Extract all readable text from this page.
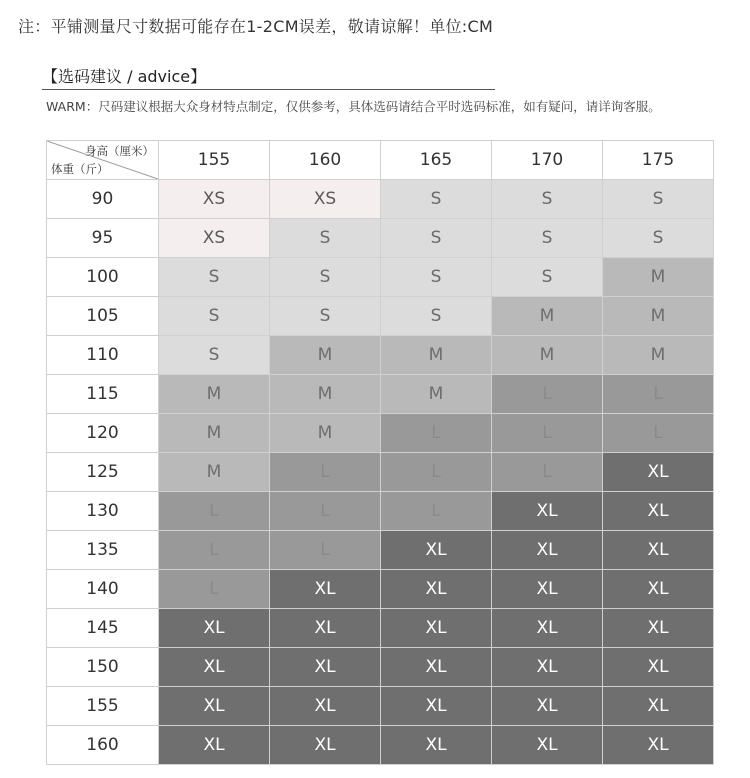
注：平铺测量尺寸数据可能存在1-2CM误差，敬请谅解！单位:CM
【选码建议 / advice】
WARM：尺码建议根据大众身材特点制定，仅供参考，具体选码请结合平时选码标准，如有疑问，请详询客服。
身高（厘米）
体重（斤）	155	160	165	170	175
90	XS	XS	S	S	S
95	XS	S	S	S	S
100	S	S	S	S	M
105	S	S	S	M	M
110	S	M	M	M	M
115	M	M	M	L	L
120	M	M	L	L	L
125	M	L	L	L	XL
130	L	L	L	XL	XL
135	L	L	XL	XL	XL
140	L	XL	XL	XL	XL
145	XL	XL	XL	XL	XL
150	XL	XL	XL	XL	XL
155	XL	XL	XL	XL	XL
160	XL	XL	XL	XL	XL
